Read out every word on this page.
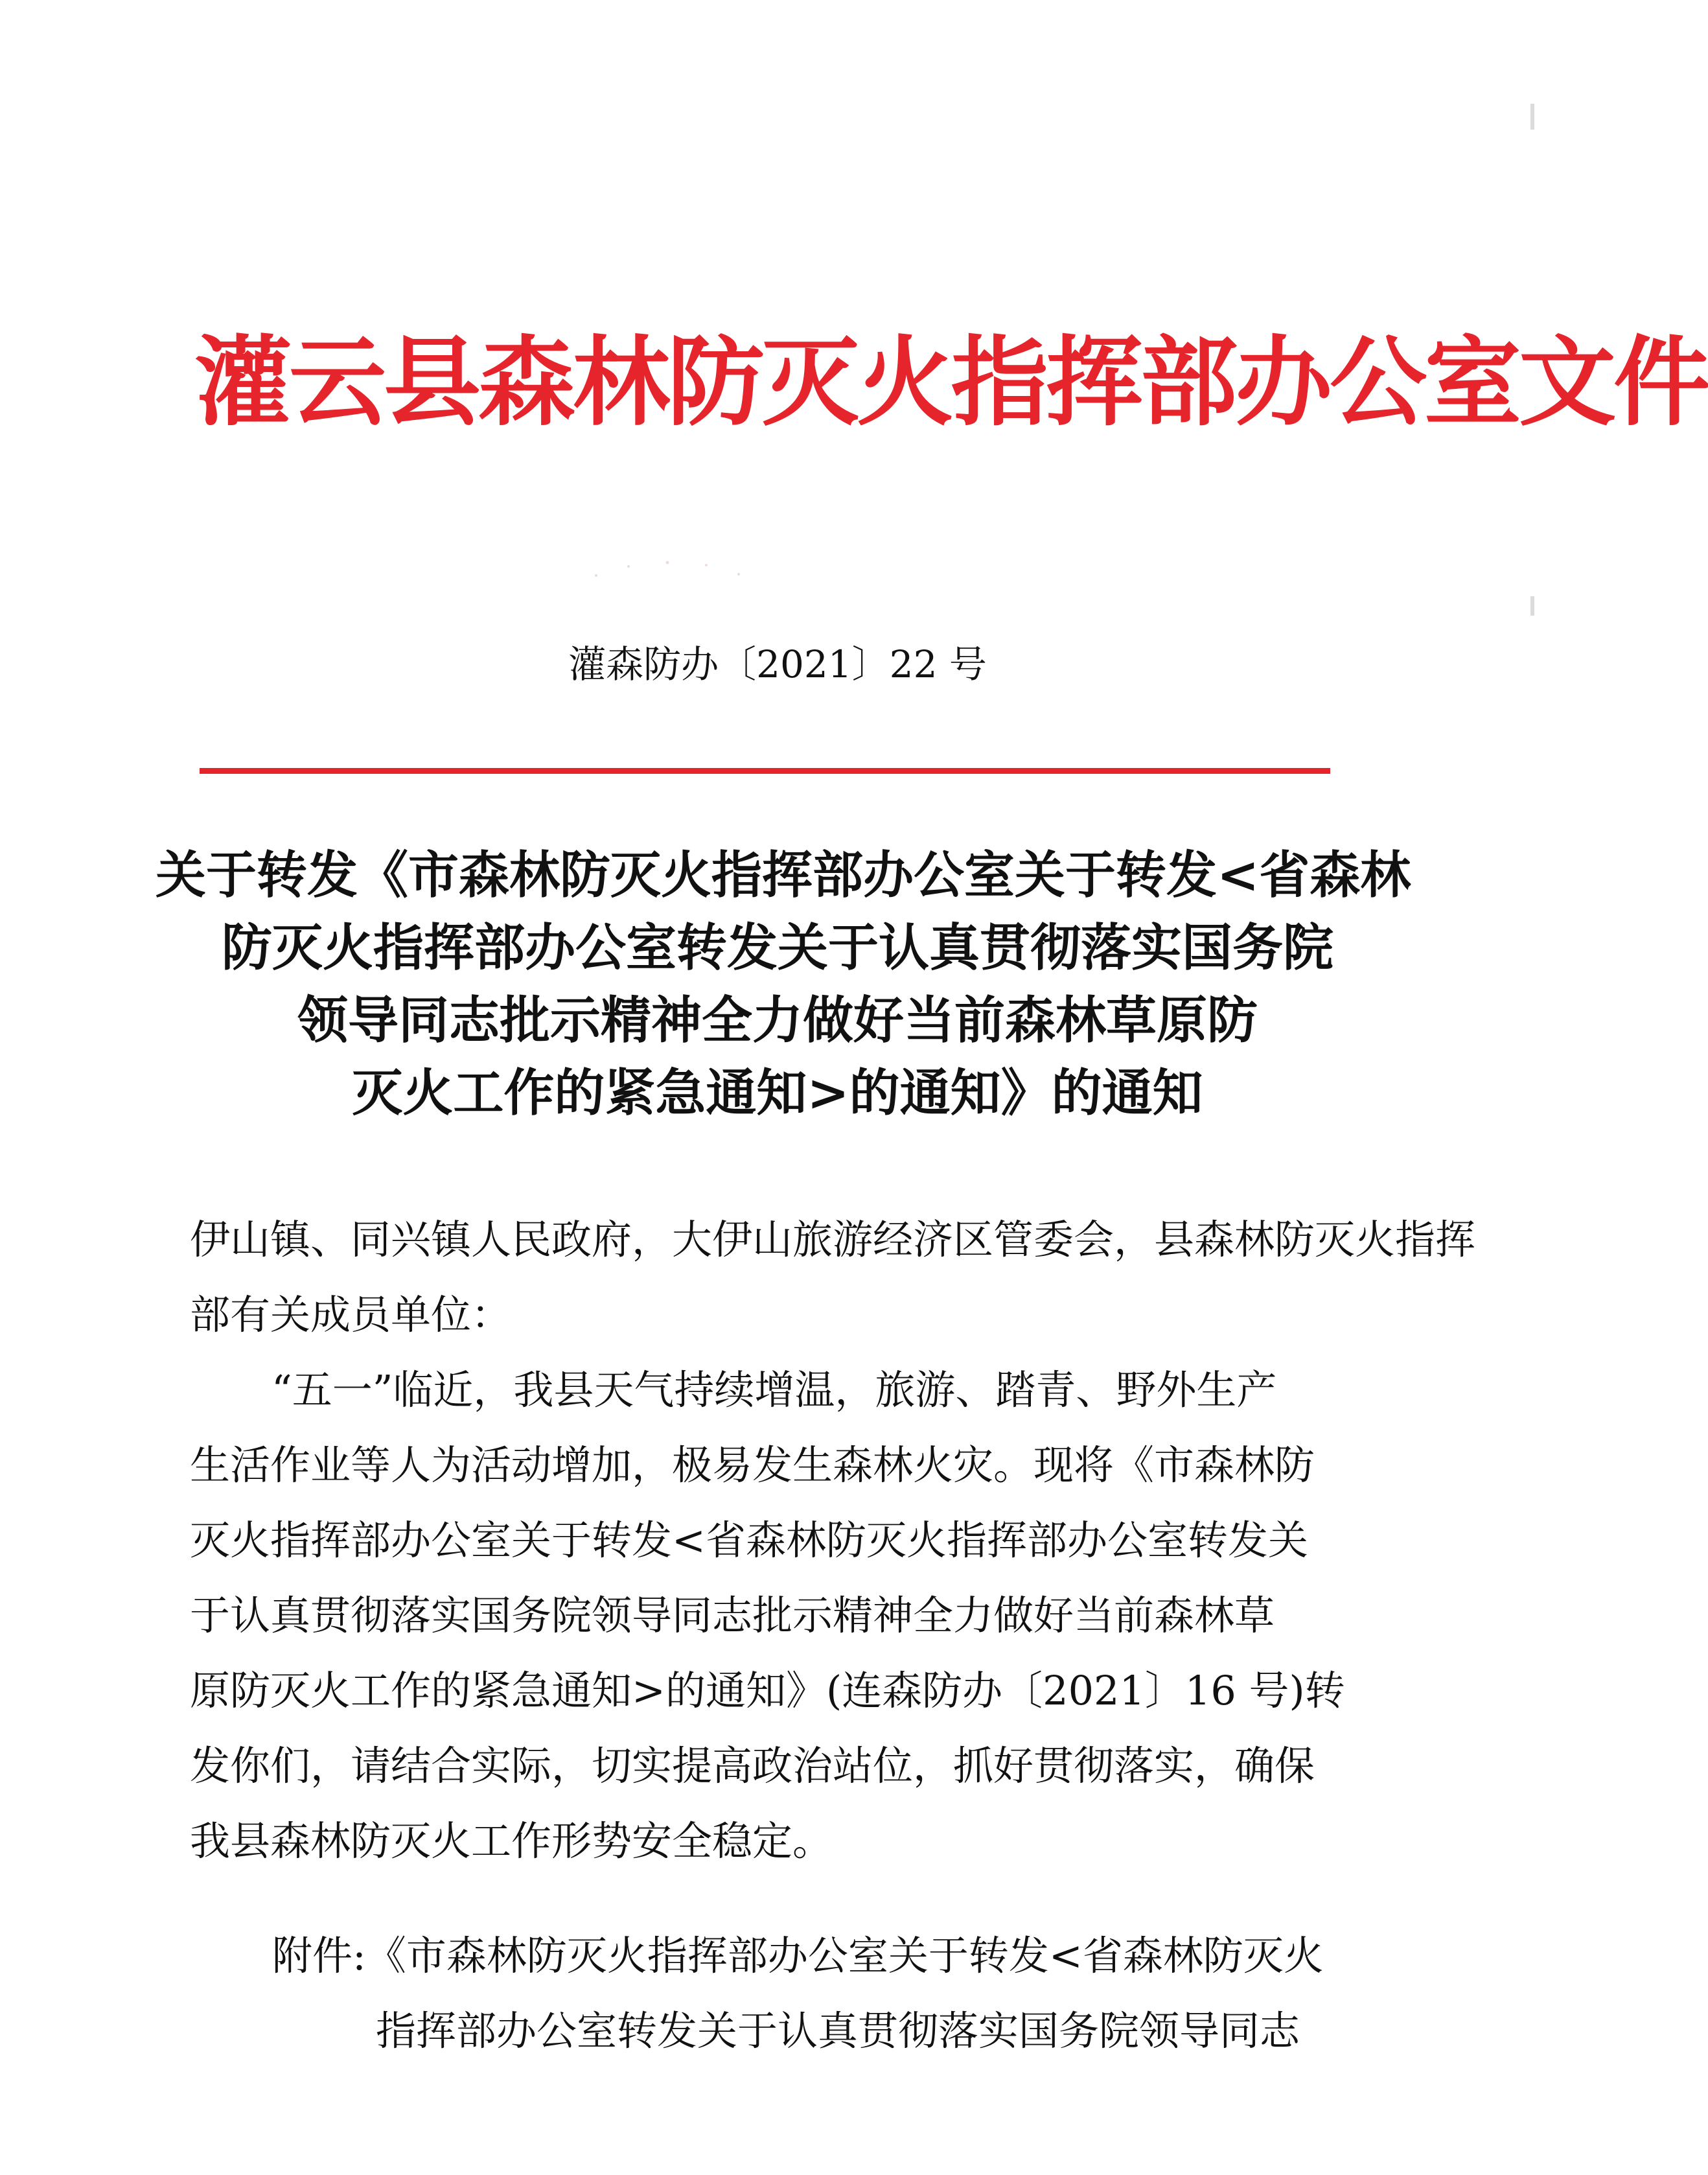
灌云县森林防灭火指挥部办公室文件
灌森防办〔2021〕22 号
关于转发《市森林防灭火指挥部办公室关于转发<省森林
防灭火指挥部办公室转发关于认真贯彻落实国务院
领导同志批示精神全力做好当前森林草原防
灭火工作的紧急通知>的通知》的通知
伊山镇、同兴镇人民政府，大伊山旅游经济区管委会，县森林防灭火指挥
部有关成员单位：
“五一”临近，我县天气持续增温，旅游、踏青、野外生产
生活作业等人为活动增加，极易发生森林火灾。现将《市森林防
灭火指挥部办公室关于转发<省森林防灭火指挥部办公室转发关
于认真贯彻落实国务院领导同志批示精神全力做好当前森林草
原防灭火工作的紧急通知>的通知》(连森防办〔2021〕16 号)转
发你们，请结合实际，切实提高政治站位，抓好贯彻落实，确保
我县森林防灭火工作形势安全稳定。
附件:《市森林防灭火指挥部办公室关于转发<省森林防灭火
指挥部办公室转发关于认真贯彻落实国务院领导同志
